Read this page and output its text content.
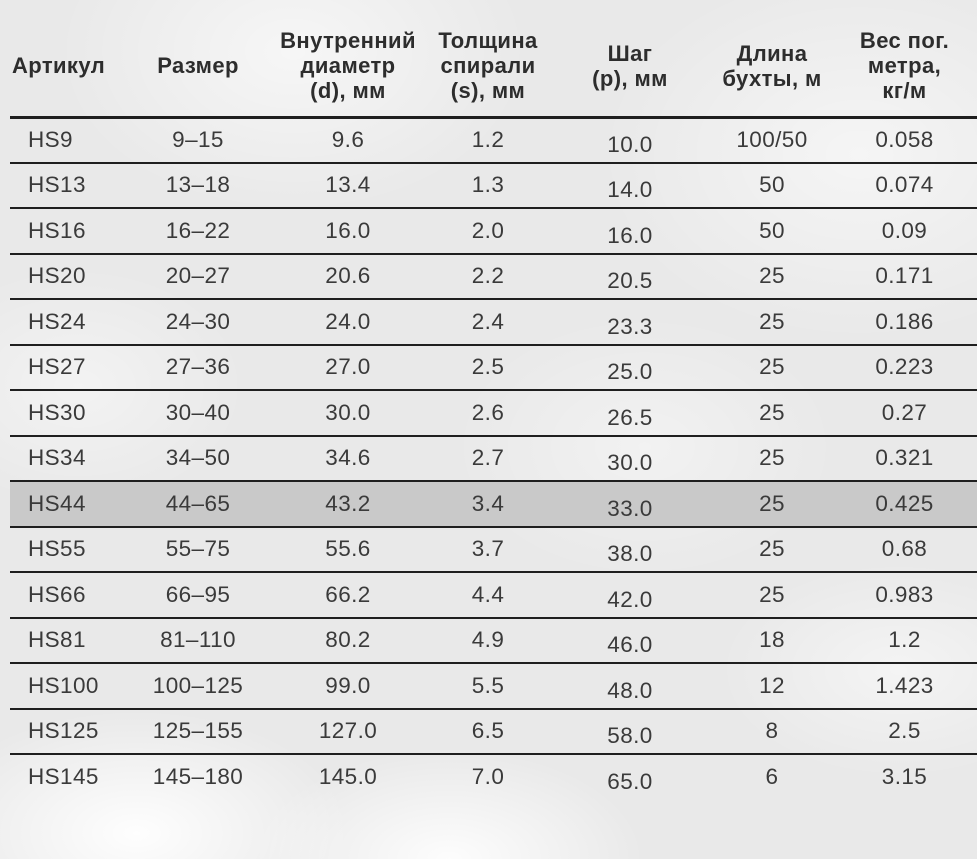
Артикул	Размер	Внутренний
диаметр
(d), мм	Толщина
спирали
(s), мм	Шаг
(p), мм	Длина
бухты, м	Вес пог.
метра,
кг/м

HS9	9–15	9.6	1.2	10.0	100/50	0.058
HS13	13–18	13.4	1.3	14.0	50	0.074
HS16	16–22	16.0	2.0	16.0	50	0.09
HS20	20–27	20.6	2.2	20.5	25	0.171
HS24	24–30	24.0	2.4	23.3	25	0.186
HS27	27–36	27.0	2.5	25.0	25	0.223
HS30	30–40	30.0	2.6	26.5	25	0.27
HS34	34–50	34.6	2.7	30.0	25	0.321
HS44	44–65	43.2	3.4	33.0	25	0.425
HS55	55–75	55.6	3.7	38.0	25	0.68
HS66	66–95	66.2	4.4	42.0	25	0.983
HS81	81–110	80.2	4.9	46.0	18	1.2
HS100	100–125	99.0	5.5	48.0	12	1.423
HS125	125–155	127.0	6.5	58.0	8	2.5
HS145	145–180	145.0	7.0	65.0	6	3.15
